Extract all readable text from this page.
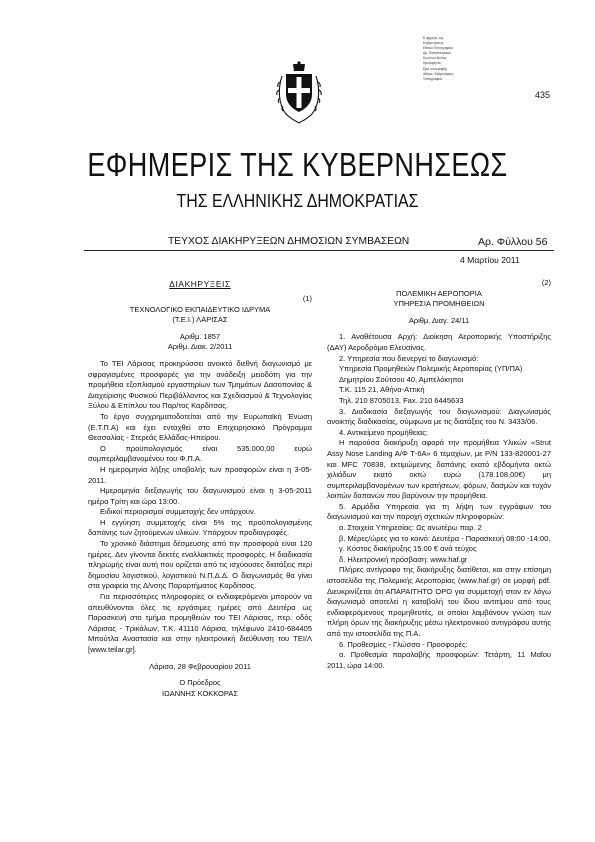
Ε-φημερίς της
Κυβερνήσεως
Εθνικό Τυπογραφείο
Αρ. Πιστοποιητικού
Κων/νου Δίπλας
Ημερομηνία
Ώρα υπογραφής
Αθήνα, Φεβρουάριος
Τυπογραφείο
435
ΕΦΗΜΕΡΙΣ ΤΗΣ ΚΥΒΕΡΝΗΣΕΩΣ
ΤΗΣ ΕΛΛΗΝΙΚΗΣ ΔΗΜΟΚΡΑΤΙΑΣ
ΤΕΥΧΟΣ ΔΙΑΚΗΡΥΞΕΩΝ ΔΗΜΟΣΙΩΝ ΣΥΜΒΑΣΕΩΝ	Αρ. Φύλλου 56
4 Μαρτίου 2011
ΔΙΑΚΗΡΥΞΕΙΣ

(1)

ΤΕΧΝΟΛΟΓΙΚΟ ΕΚΠΑΙΔΕΥΤΙΚΟ ΙΔΡΥΜΑ

(Τ.Ε.Ι.) ΛΑΡΙΣΑΣ

Αριθμ. 1857

Αριθμ. Διακ. 2/2011

Το ΤΕΙ Λάρισας προκηρύσσει ανοικτό διεθνή διαγωνισμό με σφραγισμένες προσφορές για την ανάδειξη μειοδότη για την προμήθεια εξοπλισμού εργαστηρίων των Τμημάτων Δασοπονίας & Διαχείρισης Φυσικού Περιβάλλοντος και Σχεδιασμού & Τεχνολογίας Ξύλου & Επίπλου του Παρ/τος Καρδίτσας.

Το έργο συγχρηματοδοτείται από την Ευρωπαϊκή Ένωση (Ε.Τ.Π.Α) και έχει ενταχθεί στο Επιχειρησιακό Πρόγραμμα Θεσσαλίας - Στερεάς Ελλάδας-Ηπείρου.

Ο προϋπολογισμός είναι 535.000,00 ευρώ συμπεριλαμβανομένου του Φ.Π.Α.

Η ημερομηνία λήξης υποβολής των προσφορών είναι η 3-05-2011.

Ημερομηνία διεξαγωγής του διαγωνισμού είναι η 3-05-2011 ημέρα Τρίτη και ώρα 13:00.

Ειδικοί περιορισμοί συμμετοχής δεν υπάρχουν.

Η εγγύηση συμμετοχής είναι 5% της προϋπολογισμένης δαπάνης των ζητούμενων υλικών. Υπάρχουν προδιαγραφές.

Το χρονικό διάστημα δέσμευσης από την προσφορά είναι 120 ημέρες. Δεν γίνονται δεκτές εναλλακτικές προσφορές. Η διαδικασία πληρωμής είναι αυτή που ορίζεται από τις ισχύουσες διατάξεις περί δημοσίου λογιστικού, λογιστικού Ν.Π.Δ.Δ. Ο διαγωνισμός θα γίνει στα γραφεία της Δ/νσης Παραρτήματος Καρδίτσας.

Για περισσότερες πληροφορίες οι ενδιαφερόμενοι μπορούν να απευθύνονται όλες τις εργάσιμες ημέρες από Δευτέρα ως Παρασκευή στο τμήμα προμηθειών του ΤΕΙ Λάρισας, περ. οδός Λάρισας - Τρικάλων, Τ.Κ. 41110 Λάρισα, τηλέφωνο 2410-684405 Μπούτλα Αναστασία και στην ηλεκτρονική διεύθυνση του ΤΕΙ/Λ [www.teilar.gr].

Λάρισα, 28 Φεβρουαρίου 2011

Ο Πρόεδρος

ΙΩΑΝΝΗΣ ΚΟΚΚΟΡΑΣ

(2)

ΠΟΛΕΜΙΚΗ ΑΕΡΟΠΟΡΙΑ

ΥΠΗΡΕΣΙΑ ΠΡΟΜΗΘΕΙΩΝ

Αριθμ. Διαγ. 24/11

1. Αναθέτουσα Αρχή: Διοίκηση Αεροπορικής Υποστήριξης (ΔΑΥ) Αεροδρόμιο Ελευσίνας.

2. Υπηρεσία που διενεργεί το διαγωνισμό:

Υπηρεσία Προμηθειών Πολεμικής Αεροπορίας (ΥΠ/ΠΑ)

Δημητρίου Σούτσου 40, Αμπελόκηποι

Τ.Κ. 115 21, Αθήνα-Αττική

Τηλ. 210 8705013, Fax. 210 6445633

3. Διαδικασία διεξαγωγής του διαγωνισμού: Διαγωνισμός ανοικτής διαδικασίας, σύμφωνα με τις διατάξεις του Ν. 3433/06.

4. Αντικείμενο προμήθειας:

Η παρούσα διακήρυξη αφορά την προμήθεια Υλικών «Strut Assy Nose Landing A/Φ Τ-6Α» 6 τεμαχίων, με P/N 133-820001-27 και MFC 70838, εκτιμώμενης δαπάνης εκατό εβδομήντα οκτώ χιλιάδων εκατό οκτώ ευρώ (178.108,00€) μη συμπεριλαμβανομένων των κρατήσεων, φόρων, δασμών και τυχόν λοιπών δαπανών που βαρύνουν την προμήθεια.

5. Αρμόδια Υπηρεσία για τη λήψη των εγγράφων του διαγωνισμού και την παροχή σχετικών πληροφοριών:

α. Στοιχεία Υπηρεσίας: Ως ανωτέρω παρ. 2

β. Μέρες/ώρες για το κοινό: Δευτέρα - Παρασκευή 08:00 -14:00.

γ. Κόστος διακήρυξης 15.00 € ανά τεύχος

δ. Ηλεκτρονική πρόσβαση: www.haf.gr

Πλήρες αντίγραφο της διακήρυξης διατίθεται, και στην επίσημη ιστοσελίδα της Πολεμικής Αεροπορίας (www.haf.gr) σε μορφή pdf. Διευκρινίζεται ότι ΑΠΑΡΑΙΤΗΤΟ ΟΡΟ για συμμετοχή στον εν λόγω διαγωνισμό αποτελεί η καταβολή του ίδιου αντιτίμου από τους ενδιαφερόμενους προμηθευτές, οι οποίοι λαμβάνουν γνώση των πλήρη όρων της διακήρυξης μέσω ηλεκτρονικού αντιγράφου αυτής από την ιστοσελίδα της Π.Α.

6. Προθεσμίες - Γλώσσα - Προσφορές:

α. Προθεσμία παραλαβής προσφορών: Τετάρτη, 11 Μαΐου 2011, ώρα 14:00.
